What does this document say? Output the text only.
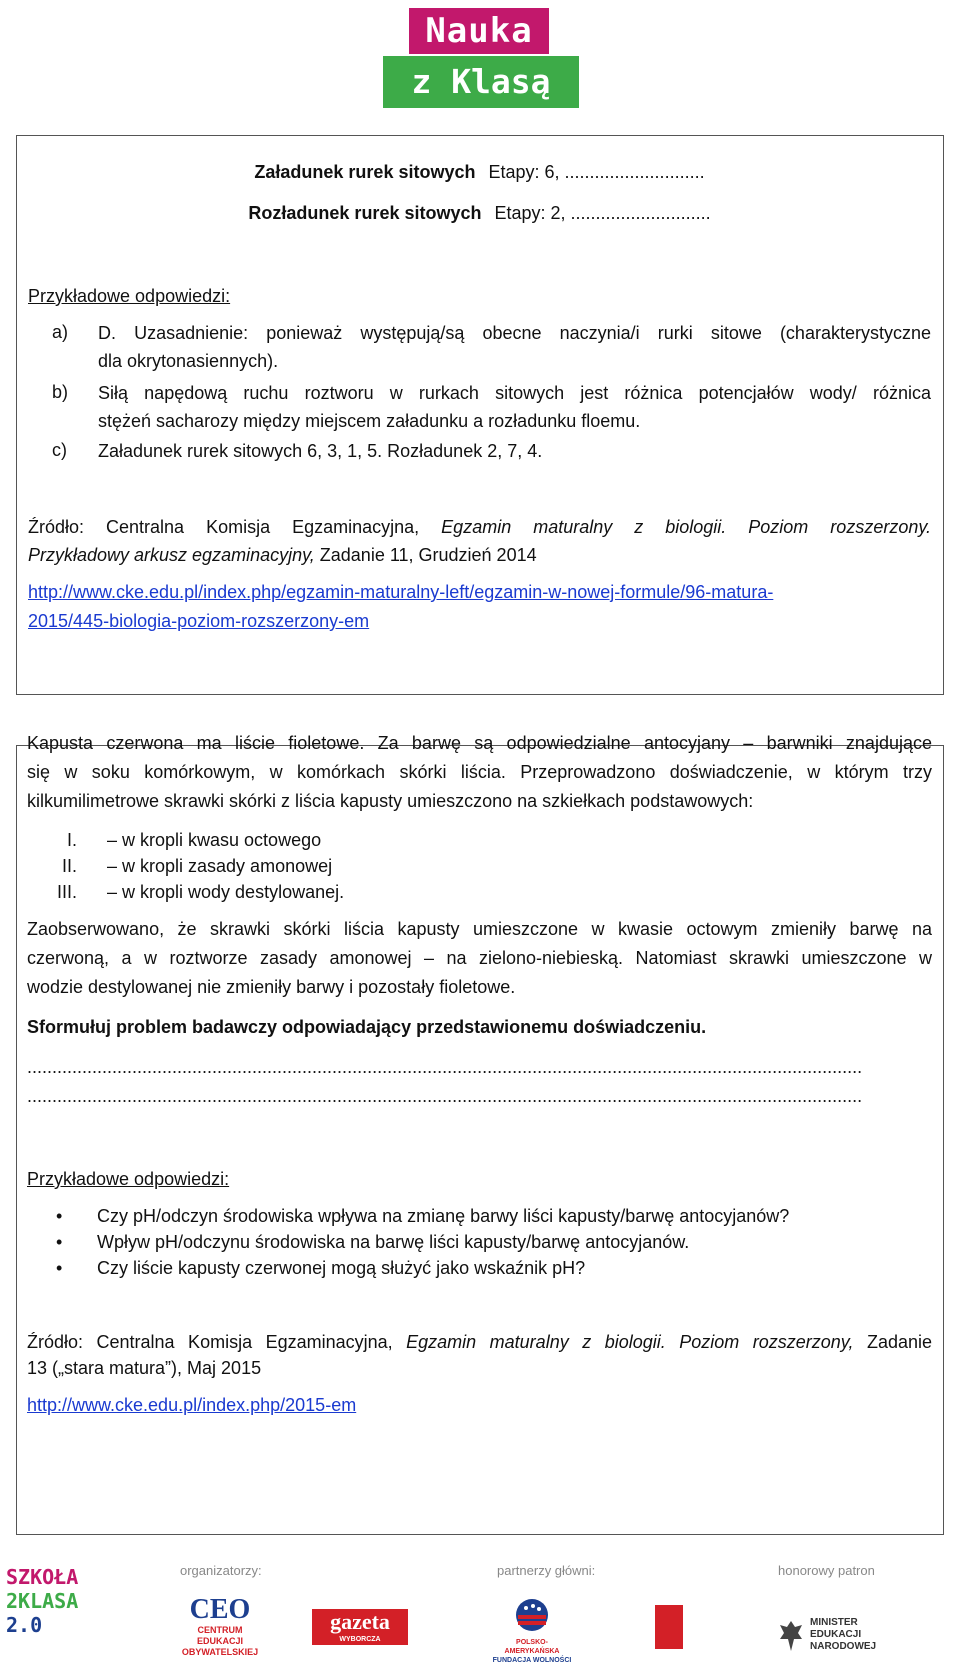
Nauka
z Klasą 2.0
Załadunek rurek sitowych Etapy: 6, ............................
Rozładunek rurek sitowych Etapy: 2, ............................
Przykładowe odpowiedzi:
a)	D. Uzasadnienie: ponieważ występują/są obecne naczynia/i rurki sitowe (charakterystyczne
dla okrytonasiennych).
b)	Siłą napędową ruchu roztworu w rurkach sitowych jest różnica potencjałów wody/ różnica
stężeń sacharozy między miejscem załadunku a rozładunku floemu.
c)	Załadunek rurek sitowych 6, 3, 1, 5. Rozładunek 2, 7, 4.
Źródło: Centralna Komisja Egzaminacyjna, Egzamin maturalny z biologii. Poziom rozszerzony.
Przykładowy arkusz egzaminacyjny, Zadanie 11, Grudzień 2014
http://www.cke.edu.pl/index.php/egzamin-maturalny-left/egzamin-w-nowej-formule/96-matura-
2015/445-biologia-poziom-rozszerzony-em
Kapusta czerwona ma liście fioletowe. Za barwę są odpowiedzialne antocyjany – barwniki znajdujące
się w soku komórkowym, w komórkach skórki liścia. Przeprowadzono doświadczenie, w którym trzy
kilkumilimetrowe skrawki skórki z liścia kapusty umieszczono na szkiełkach podstawowych:
I. – w kropli kwasu octowego
II. – w kropli zasady amonowej
III. – w kropli wody destylowanej.
Zaobserwowano, że skrawki skórki liścia kapusty umieszczone w kwasie octowym zmieniły barwę na
czerwoną, a w roztworze zasady amonowej – na zielono-niebieską. Natomiast skrawki umieszczone w
wodzie destylowanej nie zmieniły barwy i pozostały fioletowe.
Sformułuj problem badawczy odpowiadający przedstawionemu doświadczeniu.
.......................................................................................................................................................................
.......................................................................................................................................................................
Przykładowe odpowiedzi:
• Czy pH/odczyn środowiska wpływa na zmianę barwy liści kapusty/barwę antocyjanów?
• Wpływ pH/odczynu środowiska na barwę liści kapusty/barwę antocyjanów.
• Czy liście kapusty czerwonej mogą służyć jako wskaźnik pH?
Źródło: Centralna Komisja Egzaminacyjna, Egzamin maturalny z biologii. Poziom rozszerzony, Zadanie
13 („stara matura”), Maj 2015
http://www.cke.edu.pl/index.php/2015-em
SZKOŁA
2KLASA
2.0
organizatorzy:
CEO
CENTRUM EDUKACJI
OBYWATELSKIEJ
gazeta
WYBORCZA
partnerzy główni:
POLSKO-AMERYKAŃSKA
FUNDACJA WOLNOŚCI
honorowy patron
MINISTER
EDUKACJI
NARODOWEJ
